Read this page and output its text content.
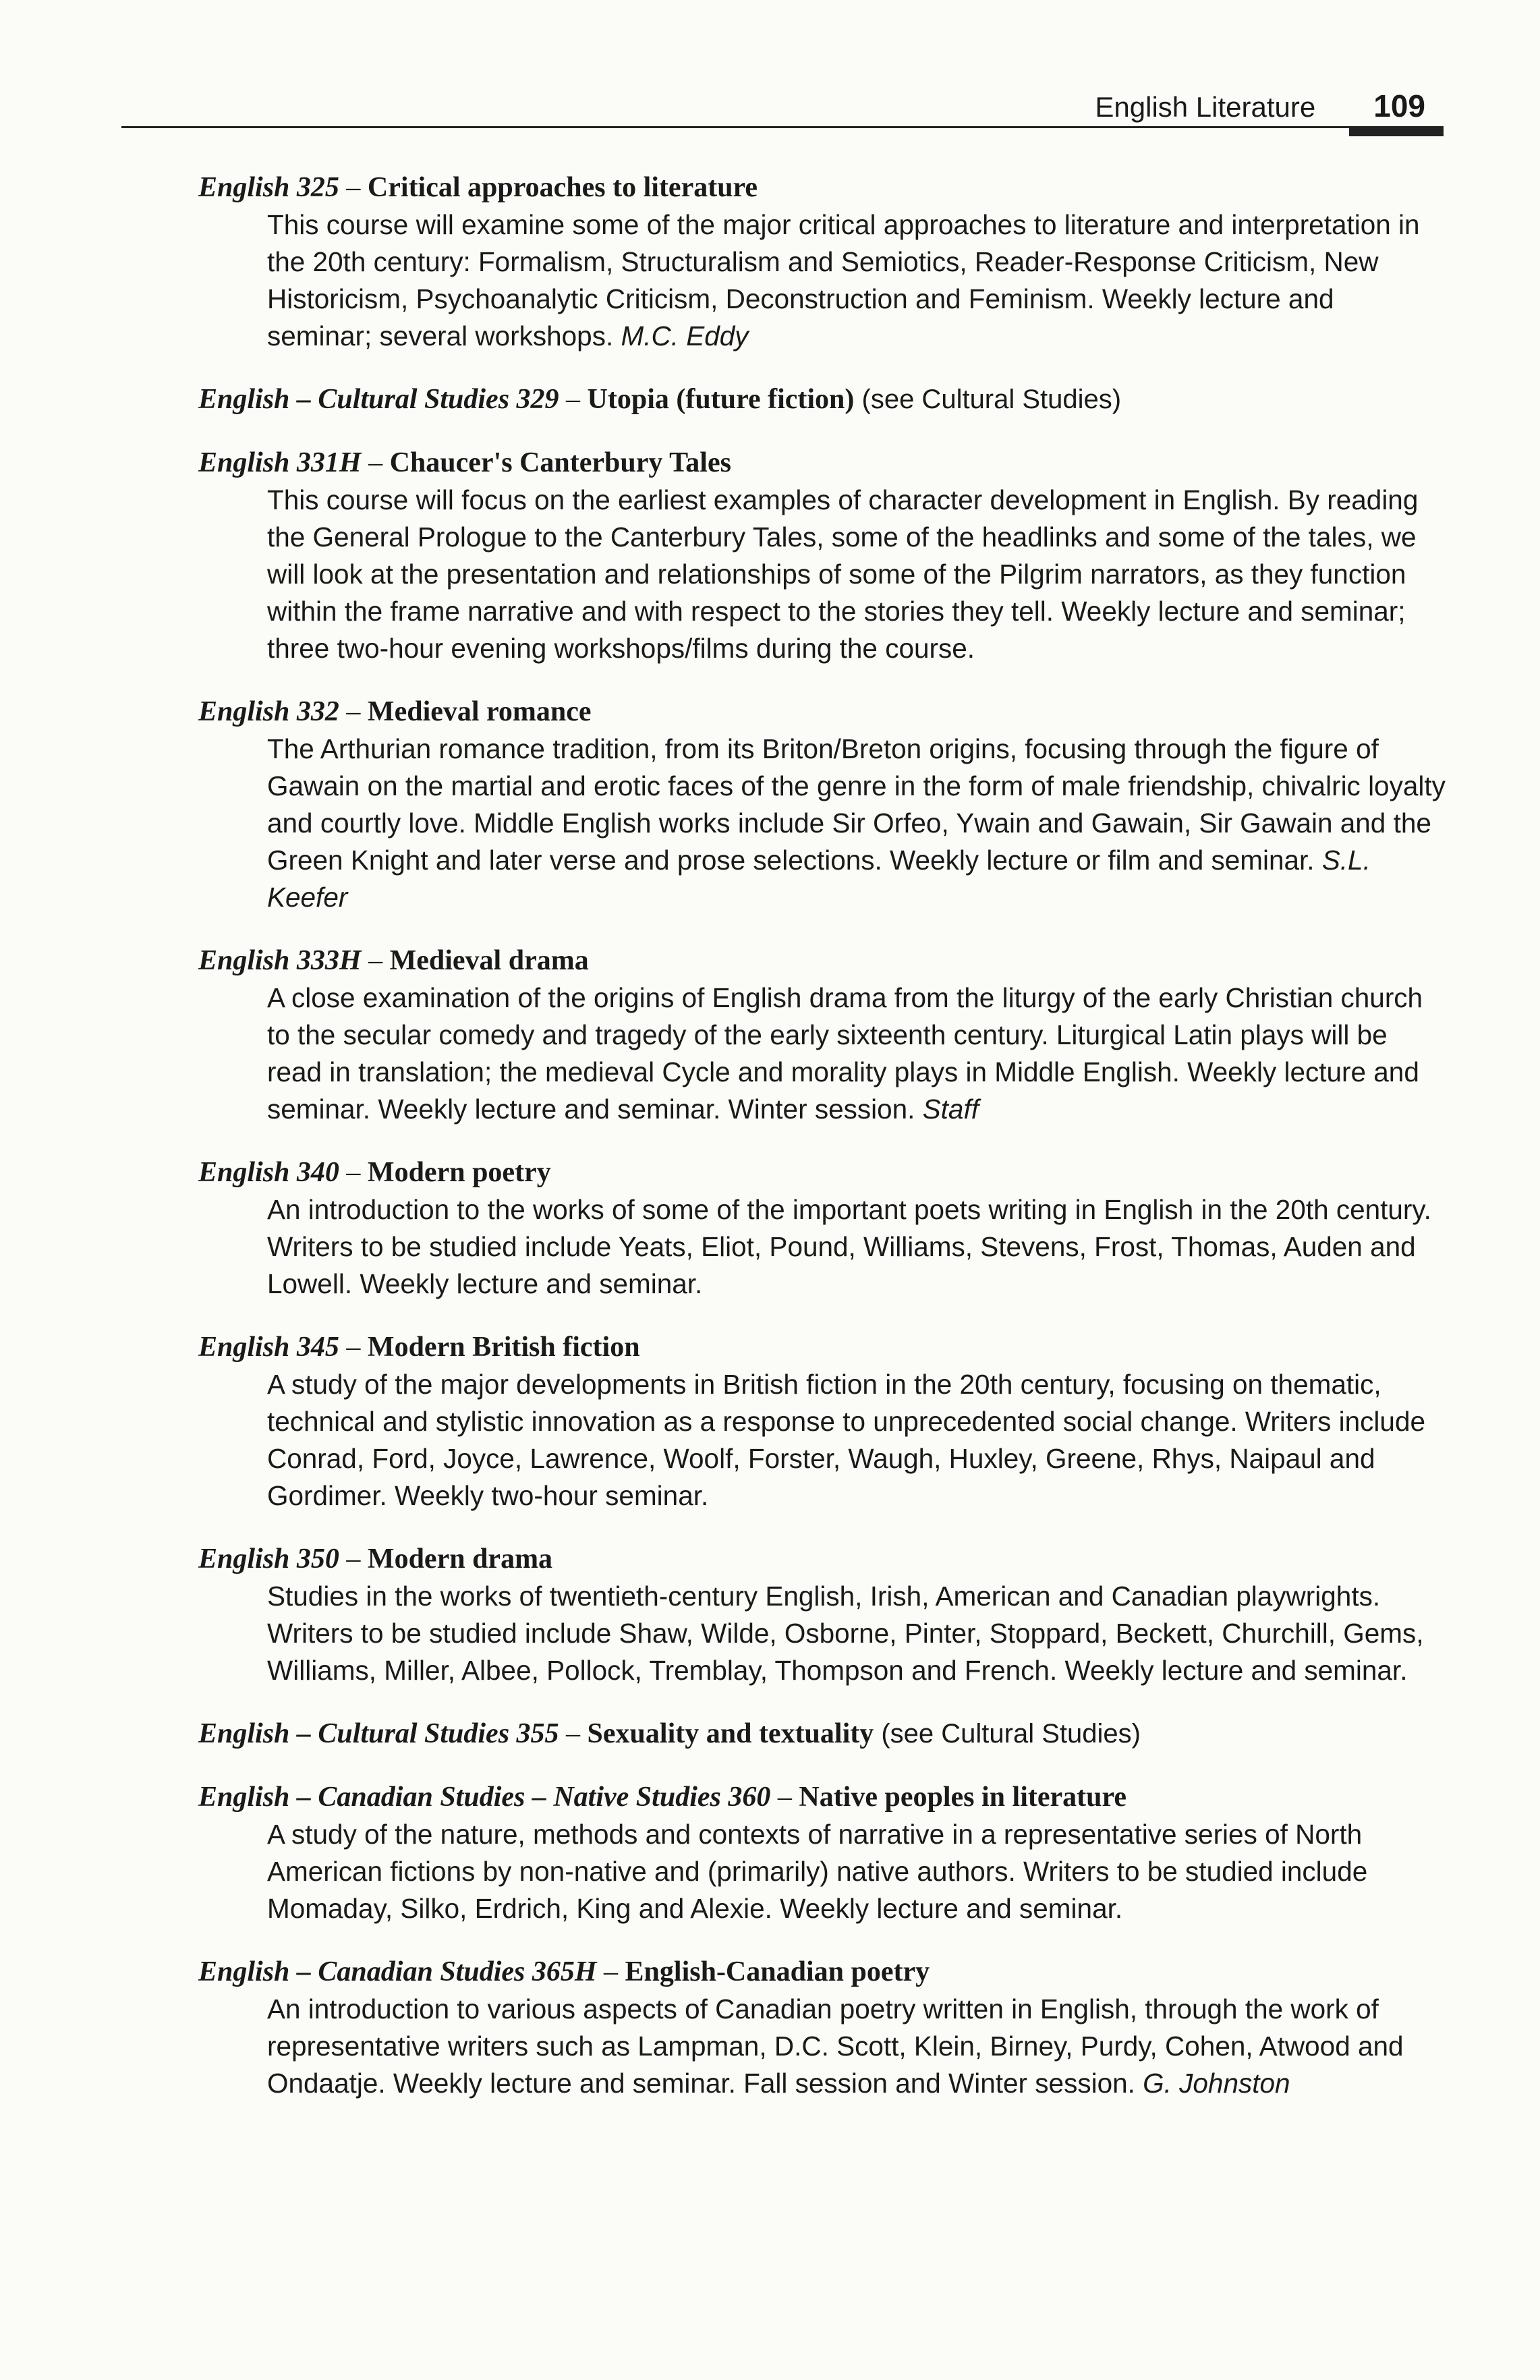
English Literature 109
English 325 – Critical approaches to literature
This course will examine some of the major critical approaches to literature and interpretation in the 20th century: Formalism, Structuralism and Semiotics, Reader-Response Criticism, New Historicism, Psychoanalytic Criticism, Deconstruction and Feminism. Weekly lecture and seminar; several workshops. M.C. Eddy
English – Cultural Studies 329 – Utopia (future fiction) (see Cultural Studies)
English 331H – Chaucer's Canterbury Tales
This course will focus on the earliest examples of character development in English. By reading the General Prologue to the Canterbury Tales, some of the headlinks and some of the tales, we will look at the presentation and relationships of some of the Pilgrim narrators, as they function within the frame narrative and with respect to the stories they tell. Weekly lecture and seminar; three two-hour evening workshops/films during the course.
English 332 – Medieval romance
The Arthurian romance tradition, from its Briton/Breton origins, focusing through the figure of Gawain on the martial and erotic faces of the genre in the form of male friendship, chivalric loyalty and courtly love. Middle English works include Sir Orfeo, Ywain and Gawain, Sir Gawain and the Green Knight and later verse and prose selections. Weekly lecture or film and seminar. S.L. Keefer
English 333H – Medieval drama
A close examination of the origins of English drama from the liturgy of the early Christian church to the secular comedy and tragedy of the early sixteenth century. Liturgical Latin plays will be read in translation; the medieval Cycle and morality plays in Middle English. Weekly lecture and seminar. Weekly lecture and seminar. Winter session. Staff
English 340 – Modern poetry
An introduction to the works of some of the important poets writing in English in the 20th century. Writers to be studied include Yeats, Eliot, Pound, Williams, Stevens, Frost, Thomas, Auden and Lowell. Weekly lecture and seminar.
English 345 – Modern British fiction
A study of the major developments in British fiction in the 20th century, focusing on thematic, technical and stylistic innovation as a response to unprecedented social change. Writers include Conrad, Ford, Joyce, Lawrence, Woolf, Forster, Waugh, Huxley, Greene, Rhys, Naipaul and Gordimer. Weekly two-hour seminar.
English 350 – Modern drama
Studies in the works of twentieth-century English, Irish, American and Canadian playwrights. Writers to be studied include Shaw, Wilde, Osborne, Pinter, Stoppard, Beckett, Churchill, Gems, Williams, Miller, Albee, Pollock, Tremblay, Thompson and French. Weekly lecture and seminar.
English – Cultural Studies 355 – Sexuality and textuality (see Cultural Studies)
English – Canadian Studies – Native Studies 360 – Native peoples in literature
A study of the nature, methods and contexts of narrative in a representative series of North American fictions by non-native and (primarily) native authors. Writers to be studied include Momaday, Silko, Erdrich, King and Alexie. Weekly lecture and seminar.
English – Canadian Studies 365H – English-Canadian poetry
An introduction to various aspects of Canadian poetry written in English, through the work of representative writers such as Lampman, D.C. Scott, Klein, Birney, Purdy, Cohen, Atwood and Ondaatje. Weekly lecture and seminar. Fall session and Winter session. G. Johnston
